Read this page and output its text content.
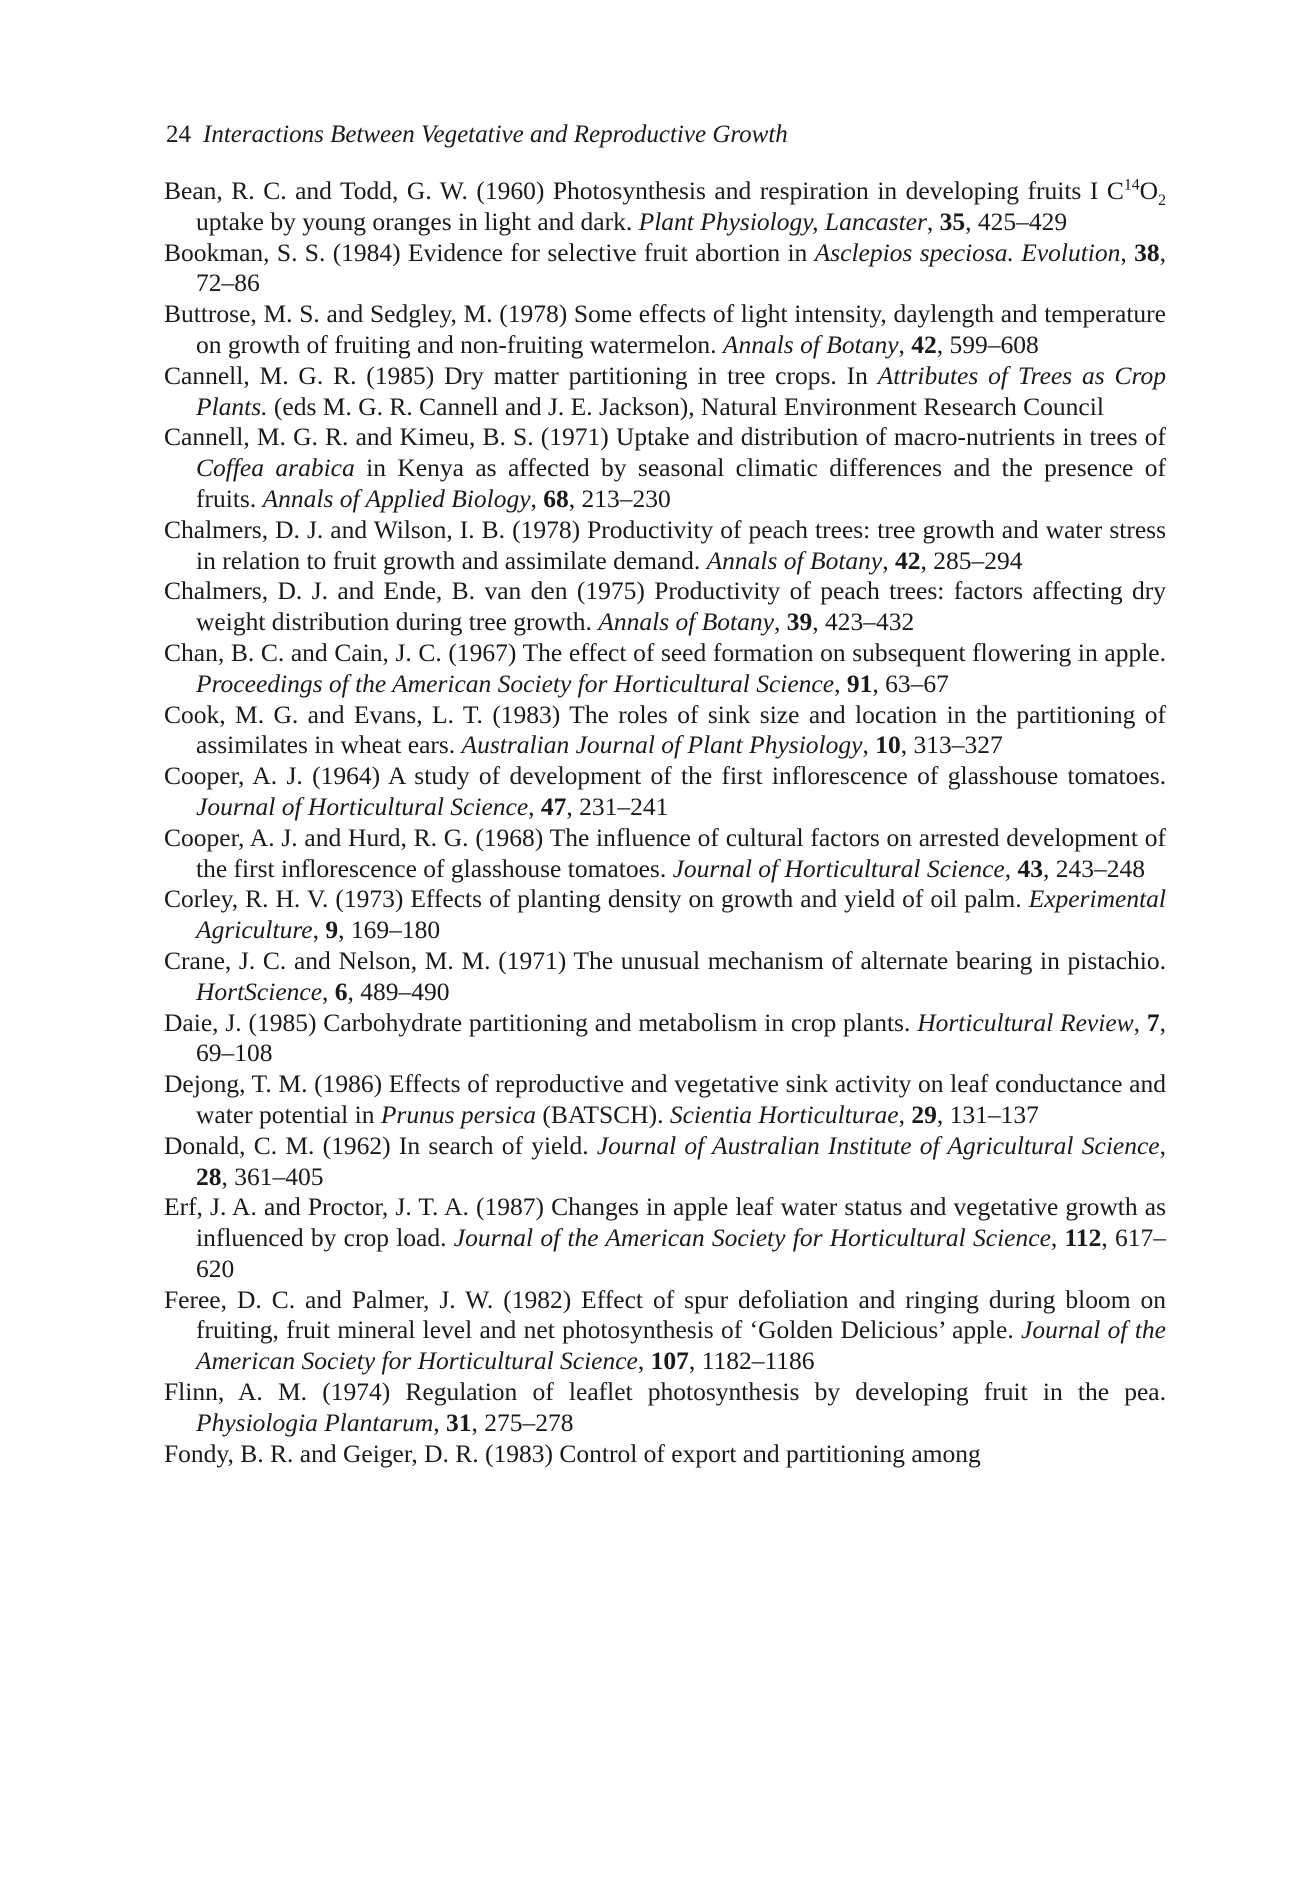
24 Interactions Between Vegetative and Reproductive Growth

Bean, R. C. and Todd, G. W. (1960) Photosynthesis and respiration in developing fruits I $C^{14}O_2$ uptake by young oranges in light and dark. Plant Physiology, Lancaster, 35, 425–429

Bookman, S. S. (1984) Evidence for selective fruit abortion in Asclepios speciosa. Evolution, 38, 72–86

Buttrose, M. S. and Sedgley, M. (1978) Some effects of light intensity, daylength and temperature on growth of fruiting and non-fruiting watermelon. Annals of Botany, 42, 599–608

Cannell, M. G. R. (1985) Dry matter partitioning in tree crops. In Attributes of Trees as Crop Plants. (eds M. G. R. Cannell and J. E. Jackson), Natural Environment Research Council

Cannell, M. G. R. and Kimeu, B. S. (1971) Uptake and distribution of macro-nutrients in trees of Coffea arabica in Kenya as affected by seasonal climatic differences and the presence of fruits. Annals of Applied Biology, 68, 213–230

Chalmers, D. J. and Wilson, I. B. (1978) Productivity of peach trees: tree growth and water stress in relation to fruit growth and assimilate demand. Annals of Botany, 42, 285–294

Chalmers, D. J. and Ende, B. van den (1975) Productivity of peach trees: factors affecting dry weight distribution during tree growth. Annals of Botany, 39, 423–432

Chan, B. C. and Cain, J. C. (1967) The effect of seed formation on subsequent flowering in apple. Proceedings of the American Society for Horticultural Science, 91, 63–67

Cook, M. G. and Evans, L. T. (1983) The roles of sink size and location in the partitioning of assimilates in wheat ears. Australian Journal of Plant Physiology, 10, 313–327

Cooper, A. J. (1964) A study of development of the first inflorescence of glasshouse tomatoes. Journal of Horticultural Science, 47, 231–241

Cooper, A. J. and Hurd, R. G. (1968) The influence of cultural factors on arrested development of the first inflorescence of glasshouse tomatoes. Journal of Horticultural Science, 43, 243–248

Corley, R. H. V. (1973) Effects of planting density on growth and yield of oil palm. Experimental Agriculture, 9, 169–180

Crane, J. C. and Nelson, M. M. (1971) The unusual mechanism of alternate bearing in pistachio. HortScience, 6, 489–490

Daie, J. (1985) Carbohydrate partitioning and metabolism in crop plants. Horticultural Review, 7, 69–108

Dejong, T. M. (1986) Effects of reproductive and vegetative sink activity on leaf conductance and water potential in Prunus persica (BATSCH). Scientia Horticulturae, 29, 131–137

Donald, C. M. (1962) In search of yield. Journal of Australian Institute of Agricultural Science, 28, 361–405

Erf, J. A. and Proctor, J. T. A. (1987) Changes in apple leaf water status and vegetative growth as influenced by crop load. Journal of the American Society for Horticultural Science, 112, 617–620

Feree, D. C. and Palmer, J. W. (1982) Effect of spur defoliation and ringing during bloom on fruiting, fruit mineral level and net photosynthesis of ‘Golden Delicious’ apple. Journal of the American Society for Horticultural Science, 107, 1182–1186

Flinn, A. M. (1974) Regulation of leaflet photosynthesis by developing fruit in the pea. Physiologia Plantarum, 31, 275–278

Fondy, B. R. and Geiger, D. R. (1983) Control of export and partitioning among
